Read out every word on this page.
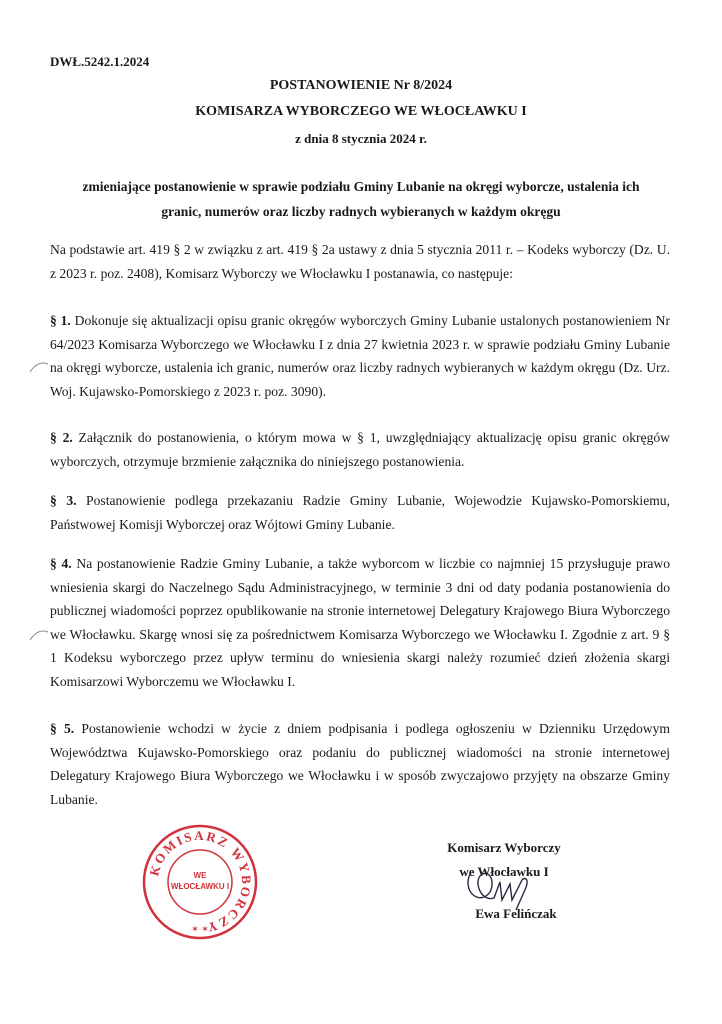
DWŁ.5242.1.2024
POSTANOWIENIE Nr 8/2024
KOMISARZA WYBORCZEGO WE WŁOCŁAWKU I
z dnia 8 stycznia 2024 r.
zmieniające postanowienie w sprawie podziału Gminy Lubanie na okręgi wyborcze, ustalenia ich granic, numerów oraz liczby radnych wybieranych w każdym okręgu
Na podstawie art. 419 § 2 w związku z art. 419 § 2a ustawy z dnia 5 stycznia 2011 r. – Kodeks wyborczy (Dz. U. z 2023 r. poz. 2408), Komisarz Wyborczy we Włocławku I postanawia, co następuje:
§ 1. Dokonuje się aktualizacji opisu granic okręgów wyborczych Gminy Lubanie ustalonych postanowieniem Nr 64/2023 Komisarza Wyborczego we Włocławku I z dnia 27 kwietnia 2023 r. w sprawie podziału Gminy Lubanie na okręgi wyborcze, ustalenia ich granic, numerów oraz liczby radnych wybieranych w każdym okręgu (Dz. Urz. Woj. Kujawsko-Pomorskiego z 2023 r. poz. 3090).
§ 2. Załącznik do postanowienia, o którym mowa w § 1, uwzględniający aktualizację opisu granic okręgów wyborczych, otrzymuje brzmienie załącznika do niniejszego postanowienia.
§ 3. Postanowienie podlega przekazaniu Radzie Gminy Lubanie, Wojewodzie Kujawsko-Pomorskiemu, Państwowej Komisji Wyborczej oraz Wójtowi Gminy Lubanie.
§ 4. Na postanowienie Radzie Gminy Lubanie, a także wyborcom w liczbie co najmniej 15 przysługuje prawo wniesienia skargi do Naczelnego Sądu Administracyjnego, w terminie 3 dni od daty podania postanowienia do publicznej wiadomości poprzez opublikowanie na stronie internetowej Delegatury Krajowego Biura Wyborczego we Włocławku. Skargę wnosi się za pośrednictwem Komisarza Wyborczego we Włocławku I. Zgodnie z art. 9 § 1 Kodeksu wyborczego przez upływ terminu do wniesienia skargi należy rozumieć dzień złożenia skargi Komisarzowi Wyborczemu we Włocławku I.
§ 5. Postanowienie wchodzi w życie z dniem podpisania i podlega ogłoszeniu w Dzienniku Urzędowym Województwa Kujawsko-Pomorskiego oraz podaniu do publicznej wiadomości na stronie internetowej Delegatury Krajowego Biura Wyborczego we Włocławku i w sposób zwyczajowo przyjęty na obszarze Gminy Lubanie.
KOMISARZ WYBORCZY
WE
WŁOCŁAWKU I
✶ ✶
Komisarz Wyborczy
we Włocławku I
Ewa Felińczak
